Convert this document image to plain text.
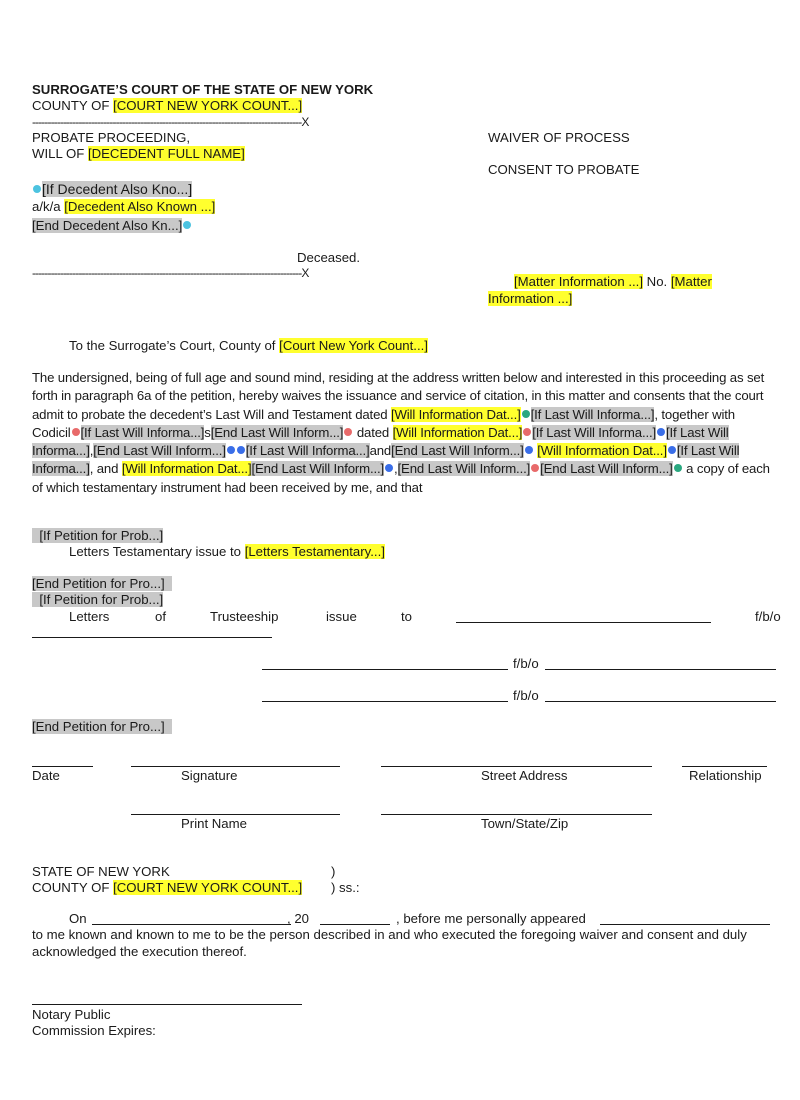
SURROGATE’S COURT OF THE STATE OF NEW YORK
COUNTY OF [COURT NEW YORK COUNT...]
---------------------------------------------------------------------------------------X
PROBATE PROCEEDING,
WILL OF [DECEDENT FULL NAME]
[If Decedent Also Kno...]
a/k/a [Decedent Also Known ...]
[End Decedent Also Kn...]
Deceased.
---------------------------------------------------------------------------------------X
WAIVER OF PROCESS
CONSENT TO PROBATE
[Matter Information ...] No. [Matter
Information ...]
To the Surrogate’s Court, County of [Court New York Count...]
The undersigned, being of full age and sound mind, residing at the address written below and interested in this proceeding as set forth in paragraph 6a of the petition, hereby waives the issuance and service of citation, in this matter and consents that the court admit to probate the decedent’s Last Will and Testament dated [Will Information Dat...] [If Last Will Informa...], together with Codicil [If Last Will Informa...]s[End Last Will Inform...] dated [Will Information Dat...] [If Last Will Informa...] [If Last Will Informa...],[End Last Will Inform...] [If Last Will Informa...]and[End Last Will Inform...] [Will Information Dat...] [If Last Will Informa...], and [Will Information Dat...][End Last Will Inform...] ,[End Last Will Inform...] [End Last Will Inform...] a copy of each of which testamentary instrument had been received by me, and that
[If Petition for Prob...]
Letters Testamentary issue to [Letters Testamentary...]
[End Petition for Pro...]
[If Petition for Prob...]
Letters	of	Trusteeship	issue	to	f/b/o
f/b/o
f/b/o
[End Petition for Pro...]
Date	Signature	Street Address	Relationship
Print Name	Town/State/Zip
STATE OF NEW YORK	)
COUNTY OF [COURT NEW YORK COUNT...] ) ss.:
On	, 20	, before me personally appeared
to me known and known to me to be the person described in and who executed the foregoing waiver and consent and duly acknowledged the execution thereof.
Notary Public
Commission Expires:
